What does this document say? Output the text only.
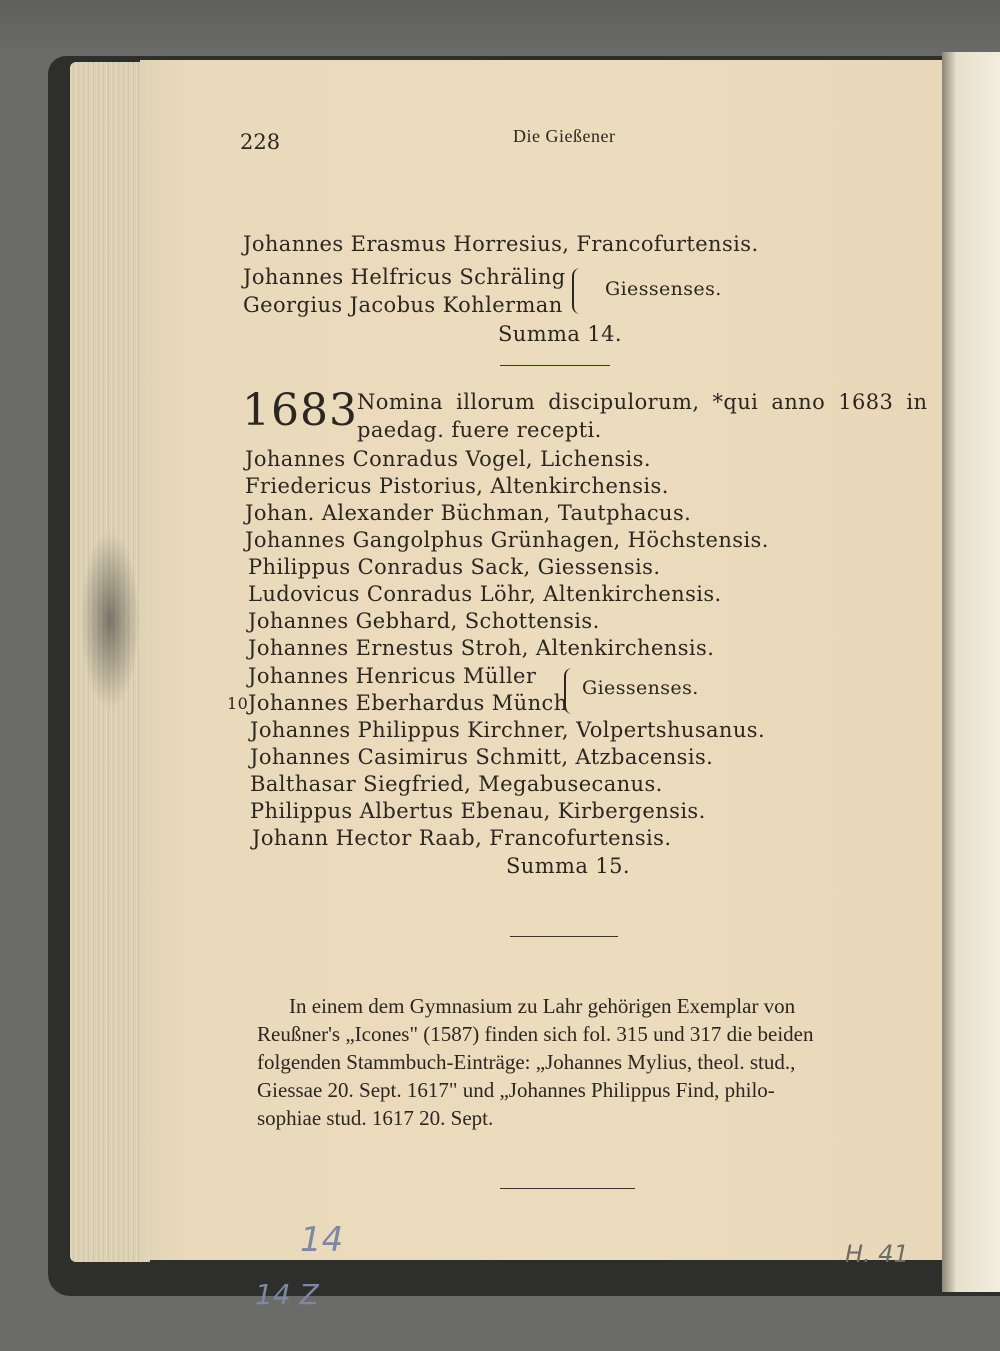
228	Die Gießener
Johannes Erasmus Horresius, Francofurtensis.
Johannes Helfricus Schräling
Georgius Jacobus Kohlerman
Giessenses.
Summa 14.
1683 Nomina illorum discipulorum, *qui anno 1683 in
paedag. fuere recepti.
Johannes Conradus Vogel, Lichensis.
Friedericus Pistorius, Altenkirchensis.
Johan. Alexander Büchman, Tautphacus.
Johannes Gangolphus Grünhagen, Höchstensis.
Philippus Conradus Sack, Giessensis.
Ludovicus Conradus Löhr, Altenkirchensis.
Johannes Gebhard, Schottensis.
Johannes Ernestus Stroh, Altenkirchensis.
Johannes Henricus Müller
10 Johannes Eberhardus Münch
Giessenses.
Johannes Philippus Kirchner, Volpertshusanus.
Johannes Casimirus Schmitt, Atzbacensis.
Balthasar Siegfried, Megabusecanus.
Philippus Albertus Ebenau, Kirbergensis.
Johann Hector Raab, Francofurtensis.
Summa 15.
In einem dem Gymnasium zu Lahr gehörigen Exemplar von
Reußner's „Icones" (1587) finden sich fol. 315 und 317 die beiden
folgenden Stammbuch-Einträge: „Johannes Mylius, theol. stud.,
Giessae 20. Sept. 1617" und „Johannes Philippus Find, philo-
sophiae stud. 1617 20. Sept.
14
14 Z
H. 41
